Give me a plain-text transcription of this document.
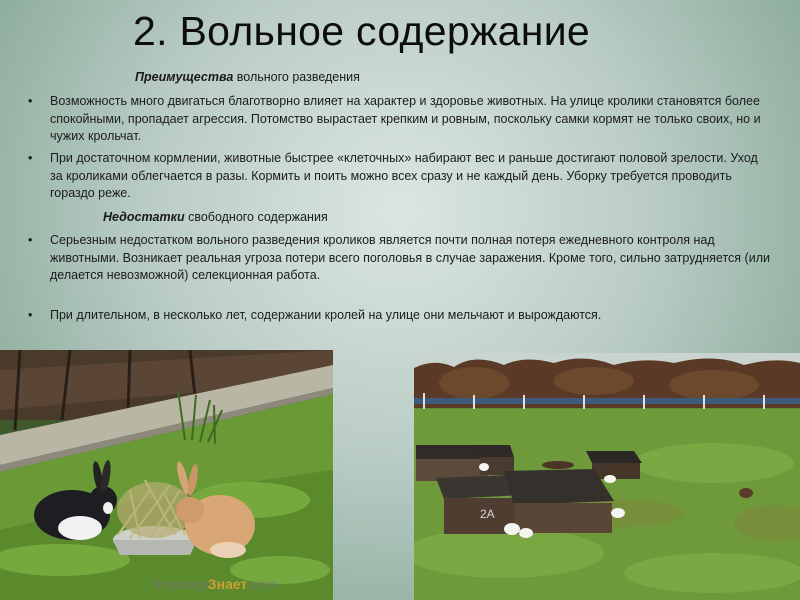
2. Вольное содержание
Преимущества вольного разведения
•	Возможность много двигаться благотворно влияет на характер и здоровье животных. На улице кролики становятся более спокойными, пропадает агрессия. Потомство вырастает крепким и ровным, поскольку самки кормят не только своих, но и чужих крольчат.
•	При достаточном кормлении, животные быстрее «клеточных» набирают вес и раньше достигают половой зрелости. Уход за кроликами облегчается в разы. Кормить и поить можно всех сразу и не каждый день. Уборку требуется проводить гораздо реже.
Недостатки свободного содержания
•	Серьезным недостатком вольного разведения кроликов является почти полная потеря ежедневного контроля над животными. Возникает реальная угроза потери всего поголовья в случае заражения. Кроме того, сильно затрудняется (или делается невозможной) селекционная работа.
•	При длительном, в несколько лет, содержании кролей на улице они мельчают и вырождаются.
ФермерЗнает.com
2A
